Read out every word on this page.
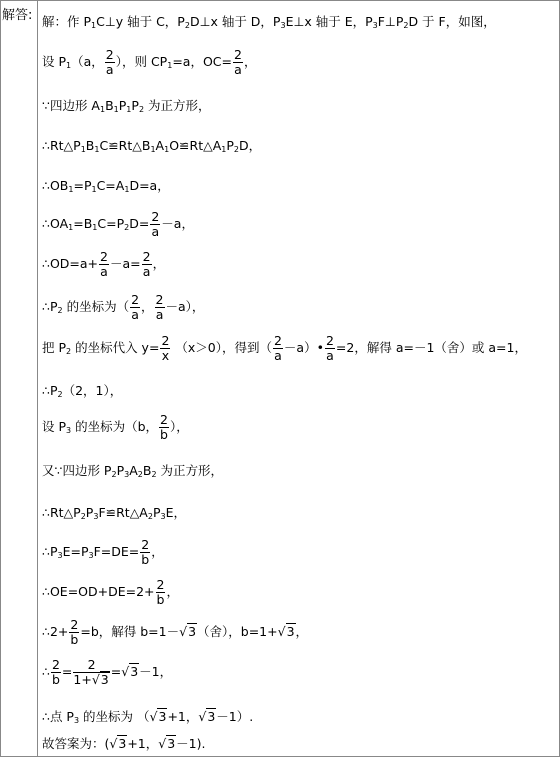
解答: 解：作 $P_1C\perp y$ 轴于 C，$P_2D\perp x$ 轴于 D，$P_3E\perp x$ 轴于 E，$P_3F\perp P_2D$ 于 F，如图，
设 $P_1(a$， $\frac{2}{a}$ ），则 $CP_1=a$，$OC= \frac{2}{a}$ ，
∵四边形 $A_1B_1P_1P_2$ 为正方形，
$\therefore Rt\triangle P_1B_1C≌Rt\triangle B_1A_1O≌Rt\triangle A_1P_2D$，
$\therefore OB_1=P_1C=A_1D=a$，
$\therefore OA_1=B_1C=P_2D= \frac{2}{a} -a$，
∴OD=a+ $\frac{2}{a} -a= \frac{2}{a}$ ，
$\therefore P_2$ 的坐标为（ $\frac{2}{a}$ ， $\frac{2}{a} -a$），
把 $P_2$ 的坐标代入 $y= \frac{2}{x} (x>0)$，得到（ $\frac{2}{a}$ －a）• $\frac{2}{a} =2$，解得 a=－1（舍）或 a=1，
$\therefore P_2(2$，1），
设 $P_3$ 的坐标为（b， $\frac{2}{b}$ ），
又∵四边形 $P_2P_3A_2B_2$ 为正方形，
$\therefore Rt\triangle P_2P_3F≌Rt\triangle A_2P_3E$，
$\therefore P_3E=P_3F=DE= \frac{2}{b}$ ，
∴OE=OD+DE=2+ $\frac{2}{b}$ ，
∴2+ $\frac{2}{b} =b$，解得 b=1－√3（舍），b=1+√3，
∴ $\frac{2}{b} = \frac{2}{1+√3} =√3-1$，
∴点 $P_3$ 的坐标为 （√3+1，√3－1）.
故答案为：(√3+1，√3－1).
